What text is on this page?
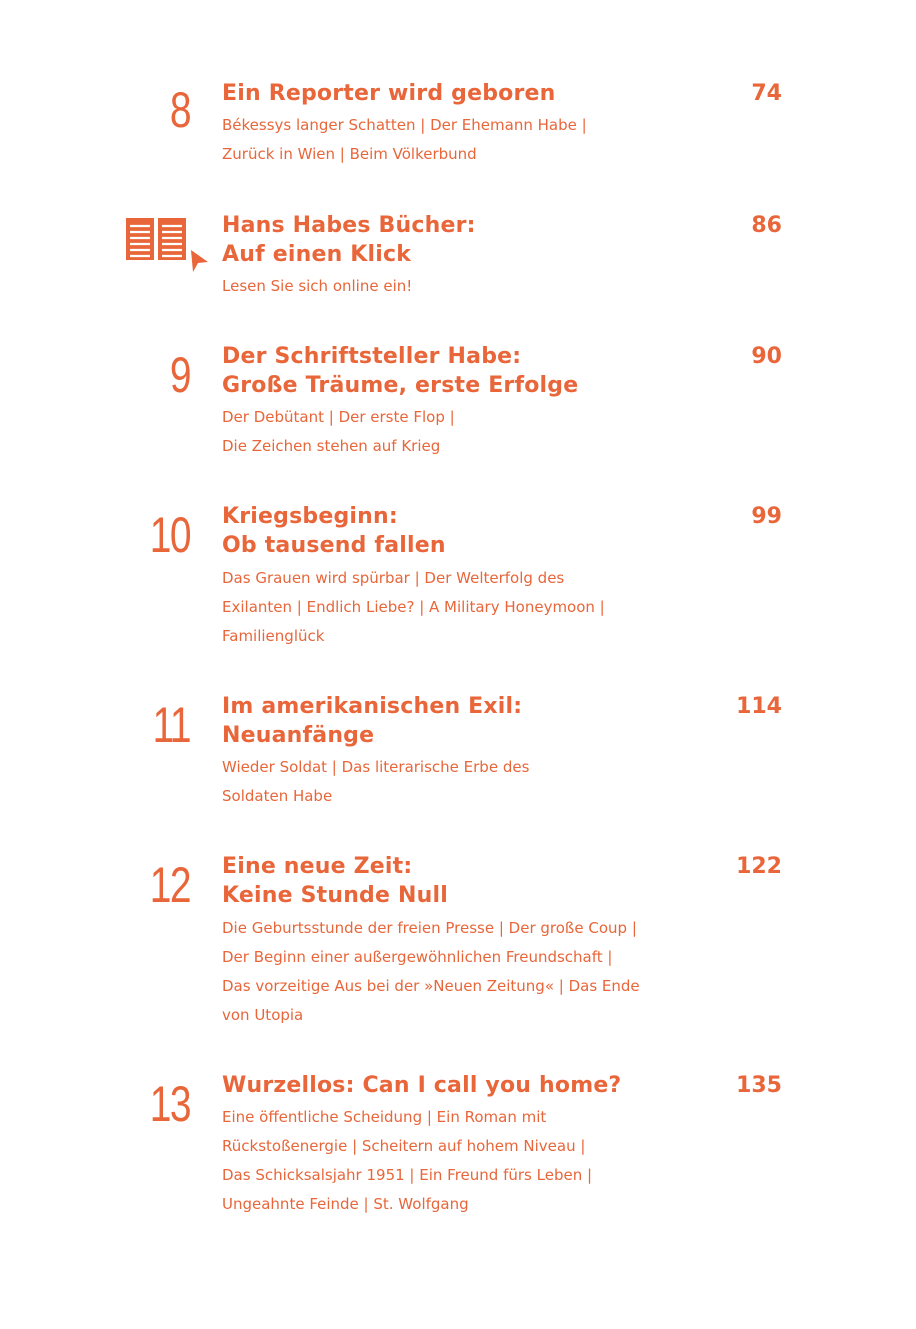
8 Ein Reporter wird geboren	74
Békessys langer Schatten | Der Ehemann Habe |
Zurück in Wien | Beim Völkerbund
Hans Habes Bücher:
Auf einen Klick
86
Lesen Sie sich online ein!
9 Der Schriftsteller Habe:
Große Träume, erste Erfolge
90
Der Debütant | Der erste Flop |
Die Zeichen stehen auf Krieg
10 Kriegsbeginn:
Ob tausend fallen
99
Das Grauen wird spürbar | Der Welterfolg des
Exilanten | Endlich Liebe? | A Military Honeymoon |
Familienglück
11 Im amerikanischen Exil:
Neuanfänge
114
Wieder Soldat | Das literarische Erbe des
Soldaten Habe
12 Eine neue Zeit:
Keine Stunde Null
122
Die Geburtsstunde der freien Presse | Der große Coup |
Der Beginn einer außergewöhnlichen Freundschaft |
Das vorzeitige Aus bei der »Neuen Zeitung« | Das Ende
von Utopia
13 Wurzellos: Can I call you home?	135
Eine öffentliche Scheidung | Ein Roman mit
Rückstoßenergie | Scheitern auf hohem Niveau |
Das Schicksalsjahr 1951 | Ein Freund fürs Leben |
Ungeahnte Feinde | St. Wolfgang
